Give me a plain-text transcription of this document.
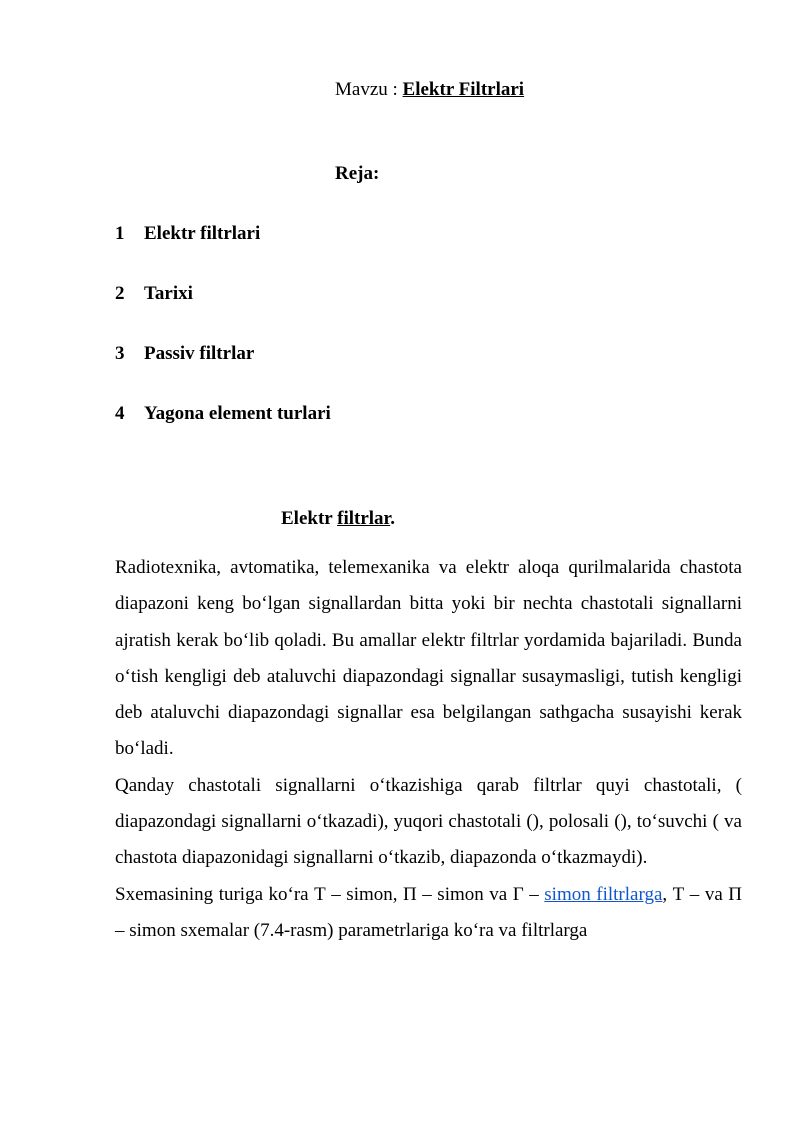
Mavzu : Elektr Filtrlari
Reja:
1 Elektr filtrlari
2 Tarixi
3 Passiv filtrlar
4 Yagona element turlari
Elektr filtrlar.

Radiotexnika, avtomatika, telemexanika va elektr aloqa qurilmalarida chastota diapazoni keng bo‘lgan signallardan bitta yoki bir nechta chastotali signallarni ajratish kerak bo‘lib qoladi. Bu amallar elektr filtrlar yordamida bajariladi. Bunda o‘tish kengligi deb ataluvchi diapazondagi signallar susaymasligi, tutish kengligi deb ataluvchi diapazondagi signallar esa belgilangan sathgacha susayishi kerak bo‘ladi.

Qanday chastotali signallarni o‘tkazishiga qarab filtrlar quyi chastotali, ( diapazondagi signallarni o‘tkazadi), yuqori chastotali (), polosali (), to‘suvchi ( va chastota diapazonidagi signallarni o‘tkazib, diapazonda o‘tkazmaydi).

Sxemasining turiga ko‘ra Т – simon, П – simon va Г – simon filtrlarga, Т – va П – simon sxemalar (7.4-rasm) parametrlariga ko‘ra va filtrlarga
